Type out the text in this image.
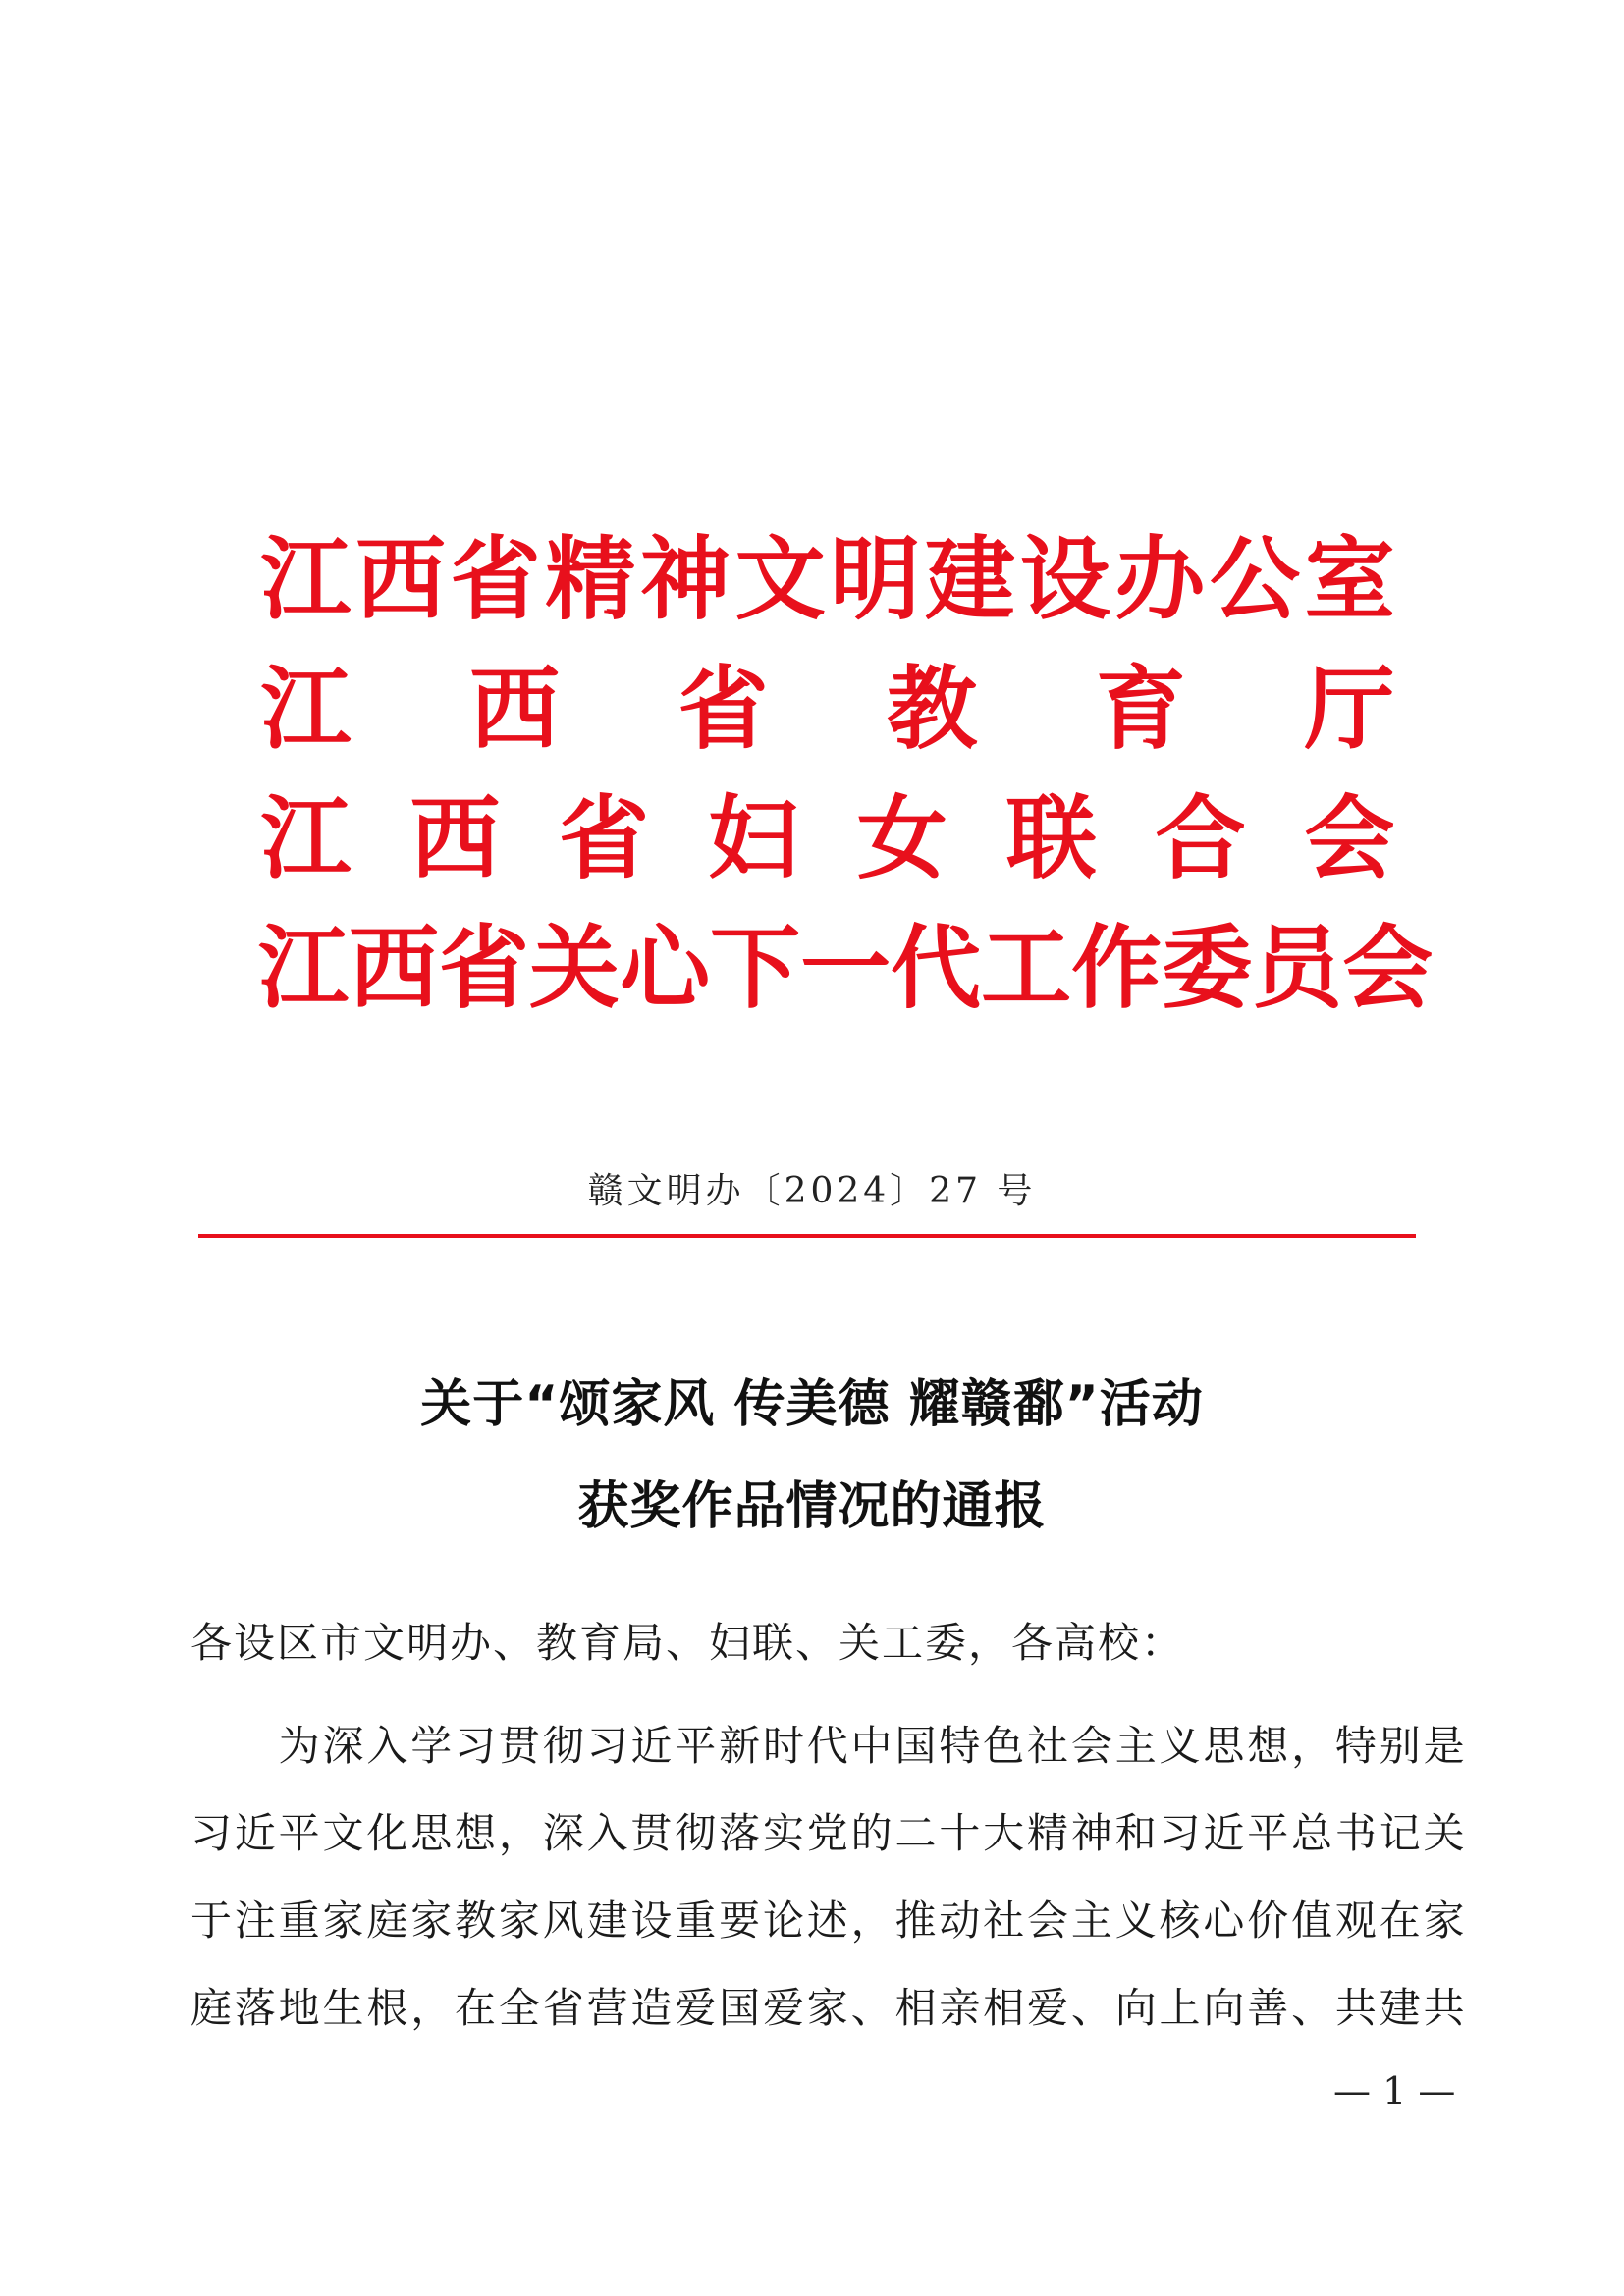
江 西 省 精 神 文 明 建 设 办 公 室
江 西 省 教 育 厅
江 西 省 妇 女 联 合 会
江 西 省 关 心 下 一 代 工 作 委 员 会
赣文明办〔2024〕27 号
关于“颂家风 传美德 耀赣鄱”活动
获奖作品情况的通报
各 设 区 市 文 明 办 、 教 育 局 、 妇 联 、 关 工 委 ， 各 高 校 ：

为 深 入 学 习 贯 彻 习 近 平 新 时 代 中 国 特 色 社 会 主 义 思 想 ， 特 别 是
习 近 平 文 化 思 想 ， 深 入 贯 彻 落 实 党 的 二 十 大 精 神 和 习 近 平 总 书 记 关
于 注 重 家 庭 家 教 家 风 建 设 重 要 论 述 ， 推 动 社 会 主 义 核 心 价 值 观 在 家
庭 落 地 生 根 ， 在 全 省 营 造 爱 国 爱 家 、 相 亲 相 爱 、 向 上 向 善 、 共 建 共
— 1 —
